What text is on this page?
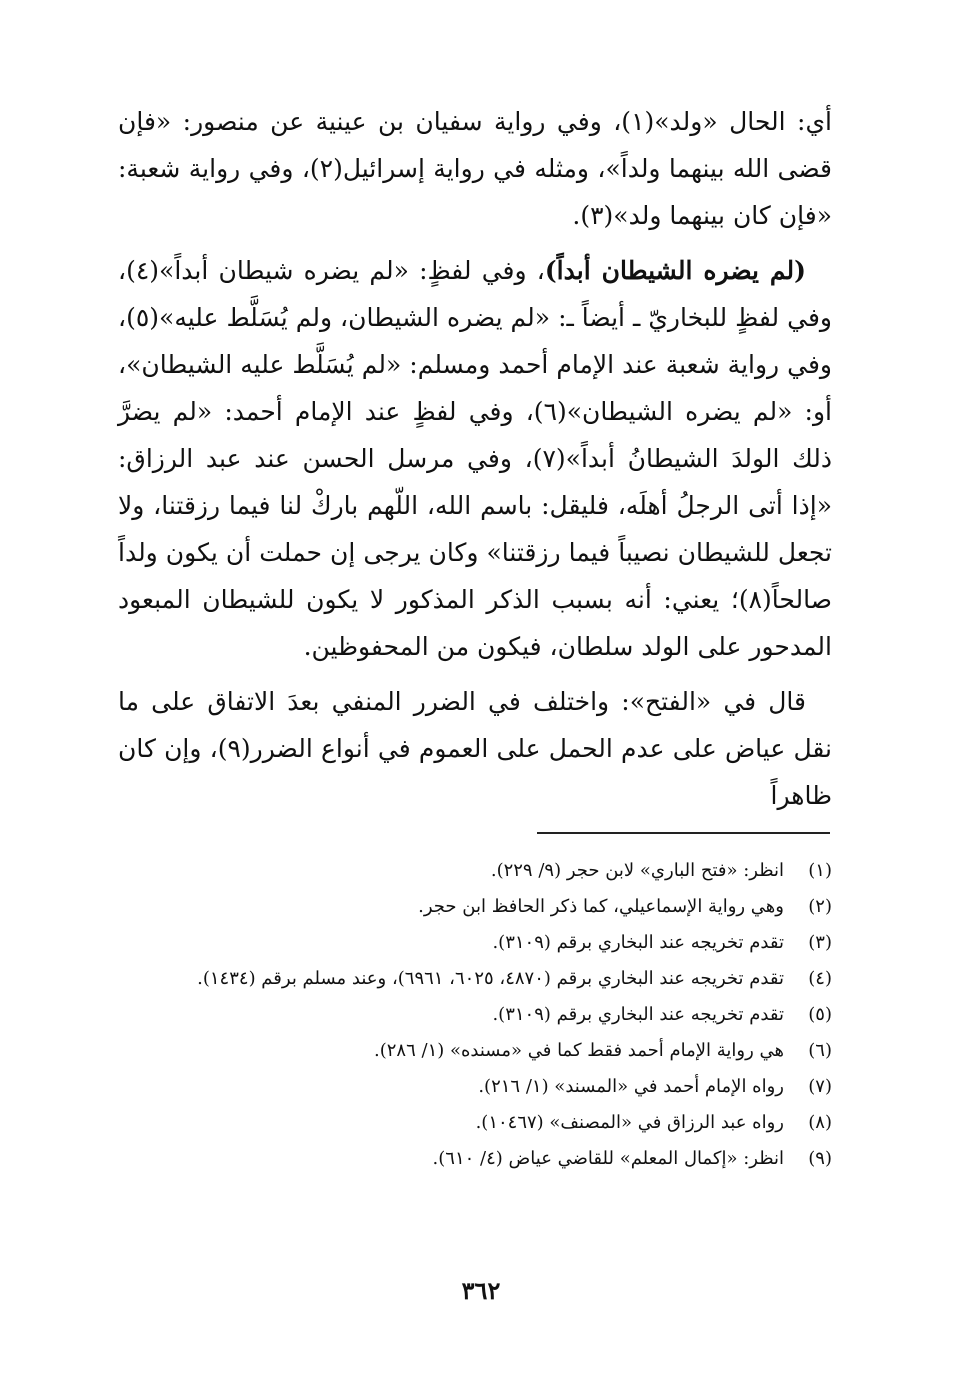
أي: الحال «ولد»(١)، وفي رواية سفيان بن عينية عن منصور: «فإن قضى الله بينهما ولداً»، ومثله في رواية إسرائيل(٢)، وفي رواية شعبة: «فإن كان بينهما ولد»(٣).

(لم يضره الشيطان أبداً)، وفي لفظٍ: «لم يضره شيطان أبداً»(٤)، وفي لفظٍ للبخاريّ ـ أيضاً ـ: «لم يضره الشيطان، ولم يُسَلَّط عليه»(٥)، وفي رواية شعبة عند الإمام أحمد ومسلم: «لم يُسَلَّط عليه الشيطان»، أو: «لم يضره الشيطان»(٦)، وفي لفظٍ عند الإمام أحمد: «لم يضرَّ ذلك الولدَ الشيطانُ أبداً»(٧)، وفي مرسل الحسن عند عبد الرزاق: «إذا أتى الرجلُ أهلَه، فليقل: باسم الله، اللّهم باركْ لنا فيما رزقتنا، ولا تجعل للشيطان نصيباً فيما رزقتنا» وكان يرجى إن حملت أن يكون ولداً صالحاً(٨)؛ يعني: أنه بسبب الذكر المذكور لا يكون للشيطان المبعود المدحور على الولد سلطان، فيكون من المحفوظين.

قال في «الفتح»: واختلف في الضرر المنفي بعدَ الاتفاق على ما نقل عياض على عدم الحمل على العموم في أنواع الضرر(٩)، وإن كان ظاهراً

(١)
انظر: «فتح الباري» لابن حجر (٩/ ٢٢٩).
(٢)
وهي رواية الإسماعيلي، كما ذكر الحافظ ابن حجر.
(٣)
تقدم تخريجه عند البخاري برقم (٣١٠٩).
(٤)
تقدم تخريجه عند البخاري برقم (٤٨٧٠، ٦٠٢٥، ٦٩٦١)، وعند مسلم برقم (١٤٣٤).
(٥)
تقدم تخريجه عند البخاري برقم (٣١٠٩).
(٦)
هي رواية الإمام أحمد فقط كما في «مسنده» (١/ ٢٨٦).
(٧)
رواه الإمام أحمد في «المسند» (١/ ٢١٦).
(٨)
رواه عبد الرزاق في «المصنف» (١٠٤٦٧).
(٩)
انظر: «إكمال المعلم» للقاضي عياض (٤/ ٦١٠).
٣٦٢
